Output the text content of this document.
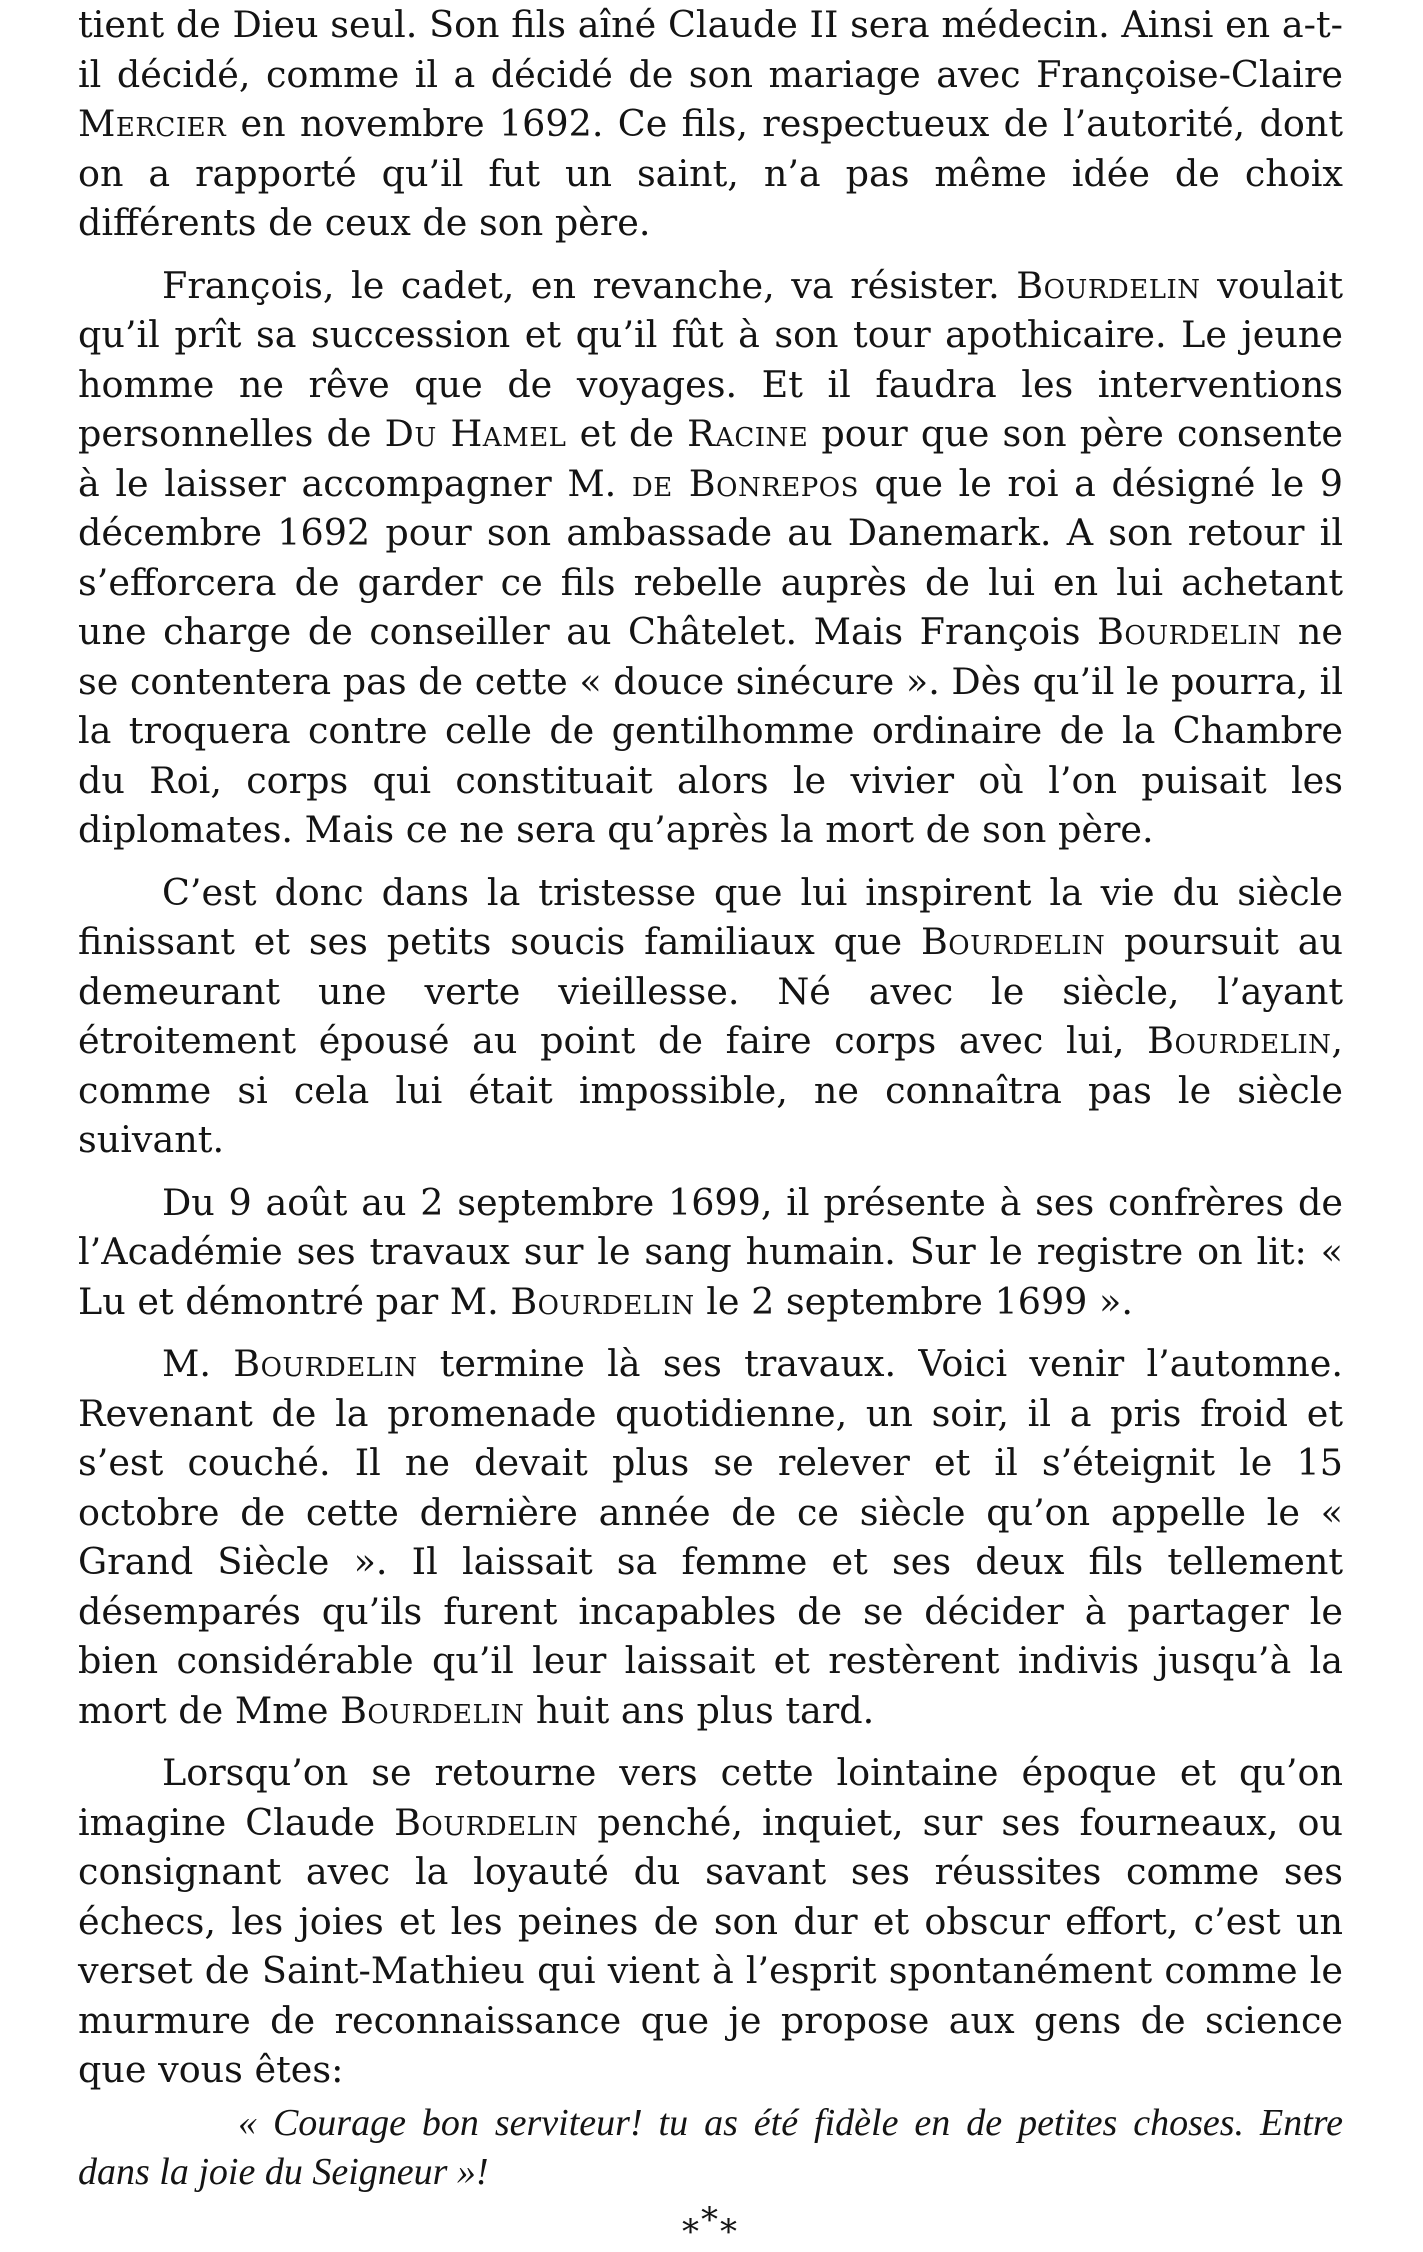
tient de Dieu seul. Son fils aîné Claude II sera médecin. Ainsi en a-t-il décidé, comme il a décidé de son mariage avec Françoise-Claire Mercier en novembre 1692. Ce fils, respectueux de l’autorité, dont on a rapporté qu’il fut un saint, n’a pas même idée de choix différents de ceux de son père.

François, le cadet, en revanche, va résister. Bourdelin voulait qu’il prît sa succession et qu’il fût à son tour apothicaire. Le jeune homme ne rêve que de voyages. Et il faudra les interventions personnelles de Du Hamel et de Racine pour que son père consente à le laisser accompagner M. de Bonrepos que le roi a désigné le 9 décembre 1692 pour son ambassade au Danemark. A son retour il s’efforcera de garder ce fils rebelle auprès de lui en lui achetant une charge de conseiller au Châtelet. Mais François Bourdelin ne se contentera pas de cette « douce sinécure ». Dès qu’il le pourra, il la troquera contre celle de gentilhomme ordinaire de la Chambre du Roi, corps qui constituait alors le vivier où l’on puisait les diplomates. Mais ce ne sera qu’après la mort de son père.

C’est donc dans la tristesse que lui inspirent la vie du siècle finissant et ses petits soucis familiaux que Bourdelin poursuit au demeurant une verte vieillesse. Né avec le siècle, l’ayant étroitement épousé au point de faire corps avec lui, Bourdelin, comme si cela lui était impossible, ne connaîtra pas le siècle suivant.

Du 9 août au 2 septembre 1699, il présente à ses confrères de l’Académie ses travaux sur le sang humain. Sur le registre on lit: « Lu et démontré par M. Bourdelin le 2 septembre 1699 ».

M. Bourdelin termine là ses travaux. Voici venir l’automne. Revenant de la promenade quotidienne, un soir, il a pris froid et s’est couché. Il ne devait plus se relever et il s’éteignit le 15 octobre de cette dernière année de ce siècle qu’on appelle le « Grand Siècle ». Il laissait sa femme et ses deux fils tellement désemparés qu’ils furent incapables de se décider à partager le bien considérable qu’il leur laissait et restèrent indivis jusqu’à la mort de Mme Bourdelin huit ans plus tard.

Lorsqu’on se retourne vers cette lointaine époque et qu’on imagine Claude Bourdelin penché, inquiet, sur ses fourneaux, ou consignant avec la loyauté du savant ses réussites comme ses échecs, les joies et les peines de son dur et obscur effort, c’est un verset de Saint-Mathieu qui vient à l’esprit spontanément comme le murmure de reconnaissance que je propose aux gens de science que vous êtes:

« Courage bon serviteur! tu as été fidèle en de petites choses. Entre dans la joie du Seigneur »!

***
